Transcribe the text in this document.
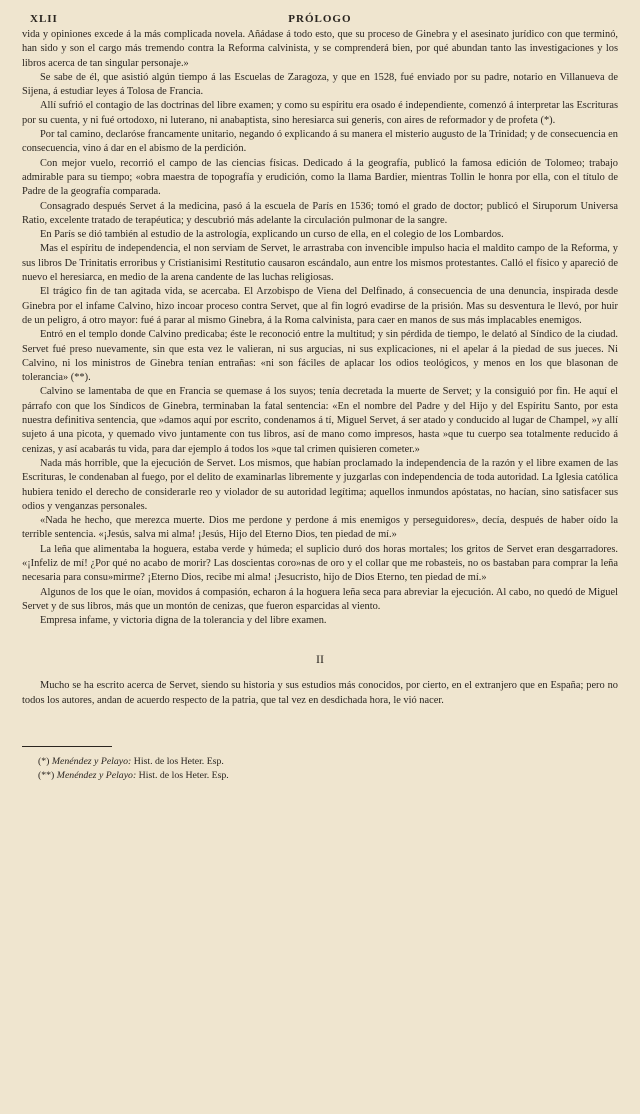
XLII	PRÓLOGO

vida y opiniones excede á la más complicada novela. Añádase á todo esto, que su proceso de Ginebra y el asesinato jurídico con que terminó, han sido y son el cargo más tremendo contra la Reforma calvinista, y se comprenderá bien, por qué abundan tanto las investigaciones y los libros acerca de tan singular personaje.»

Se sabe de él, que asistió algún tiempo á las Escuelas de Zaragoza, y que en 1528, fué enviado por su padre, notario en Villanueva de Sijena, á estudiar leyes á Tolosa de Francia.

Allí sufrió el contagio de las doctrinas del libre examen; y como su espíritu era osado é independiente, comenzó á interpretar las Escrituras por su cuenta, y ni fué ortodoxo, ni luterano, ni anabaptista, sino heresiarca sui generis, con aires de reformador y de profeta (*).

Por tal camino, declaróse francamente unitario, negando ó explicando á su manera el misterio augusto de la Trinidad; y de consecuencia en consecuencia, vino á dar en el abismo de la perdición.

Con mejor vuelo, recorrió el campo de las ciencias físicas. Dedicado á la geografía, publicó la famosa edición de Tolomeo; trabajo admirable para su tiempo; «obra maestra de topografía y erudición, como la llama Bardier, mientras Tollin le honra por ella, con el título de Padre de la geografía comparada.

Consagrado después Servet á la medicina, pasó á la escuela de París en 1536; tomó el grado de doctor; publicó el Siruporum Universa Ratio, excelente tratado de terapéutica; y descubrió más adelante la circulación pulmonar de la sangre.

En París se dió también al estudio de la astrología, explicando un curso de ella, en el colegio de los Lombardos.

Mas el espíritu de independencia, el non serviam de Servet, le arrastraba con invencible impulso hacia el maldito campo de la Reforma, y sus libros De Trinitatis erroribus y Cristianisimi Restitutio causaron escándalo, aun entre los mismos protestantes. Calló el físico y apareció de nuevo el heresiarca, en medio de la arena candente de las luchas religiosas.

El trágico fin de tan agitada vida, se acercaba. El Arzobispo de Viena del Delfinado, á consecuencia de una denuncia, inspirada desde Ginebra por el infame Calvino, hizo incoar proceso contra Servet, que al fin logró evadirse de la prisión. Mas su desventura le llevó, por huir de un peligro, á otro mayor: fué á parar al mismo Ginebra, á la Roma calvinista, para caer en manos de sus más implacables enemigos.

Entró en el templo donde Calvino predicaba; éste le reconoció entre la multitud; y sin pérdida de tiempo, le delató al Síndico de la ciudad. Servet fué preso nuevamente, sin que esta vez le valieran, ni sus argucias, ni sus explicaciones, ni el apelar á la piedad de sus jueces. Ni Calvino, ni los ministros de Ginebra tenían entrañas: «ni son fáciles de aplacar los odios teológicos, y menos en los que blasonan de tolerancia» (**).

Calvino se lamentaba de que en Francia se quemase á los suyos; tenía decretada la muerte de Servet; y la consiguió por fin. He aquí el párrafo con que los Síndicos de Ginebra, terminaban la fatal sentencia: «En el nombre del Padre y del Hijo y del Espíritu Santo, por esta nuestra definitiva sentencia, que »damos aquí por escrito, condenamos á tí, Miguel Servet, á ser atado y conducido al lugar de Champel, »y allí sujeto á una picota, y quemado vivo juntamente con tus libros, así de mano como impresos, hasta »que tu cuerpo sea totalmente reducido á cenizas, y así acabarás tu vida, para dar ejemplo á todos los »que tal crimen quisieren cometer.»

Nada más horrible, que la ejecución de Servet. Los mismos, que habían proclamado la independencia de la razón y el libre examen de las Escrituras, le condenaban al fuego, por el delito de examinarlas libremente y juzgarlas con independencia de toda autoridad. La Iglesia católica hubiera tenido el derecho de considerarle reo y violador de su autoridad legítima; aquellos inmundos apóstatas, no hacían, sino satisfacer sus odios y venganzas personales.

«Nada he hecho, que merezca muerte. Dios me perdone y perdone á mis enemigos y perseguidores», decía, después de haber oído la terrible sentencia. «¡Jesús, salva mi alma! ¡Jesús, Hijo del Eterno Dios, ten piedad de mí.»

La leña que alimentaba la hoguera, estaba verde y húmeda; el suplicio duró dos horas mortales; los gritos de Servet eran desgarradores. «¡Infeliz de mí! ¿Por qué no acabo de morir? Las doscientas coro»nas de oro y el collar que me robasteis, no os bastaban para comprar la leña necesaria para consu»mirme? ¡Eterno Dios, recibe mi alma! ¡Jesucristo, hijo de Dios Eterno, ten piedad de mí.»

Algunos de los que le oían, movidos á compasión, echaron á la hoguera leña seca para abreviar la ejecución. Al cabo, no quedó de Miguel Servet y de sus libros, más que un montón de cenizas, que fueron esparcidas al viento.

Empresa infame, y victoria digna de la tolerancia y del libre examen.

II

Mucho se ha escrito acerca de Servet, siendo su historia y sus estudios más conocidos, por cierto, en el extranjero que en España; pero no todos los autores, andan de acuerdo respecto de la patria, que tal vez en desdichada hora, le vió nacer.

(*) Menéndez y Pelayo: Hist. de los Heter. Esp.

(**) Menéndez y Pelayo: Hist. de los Heter. Esp.
